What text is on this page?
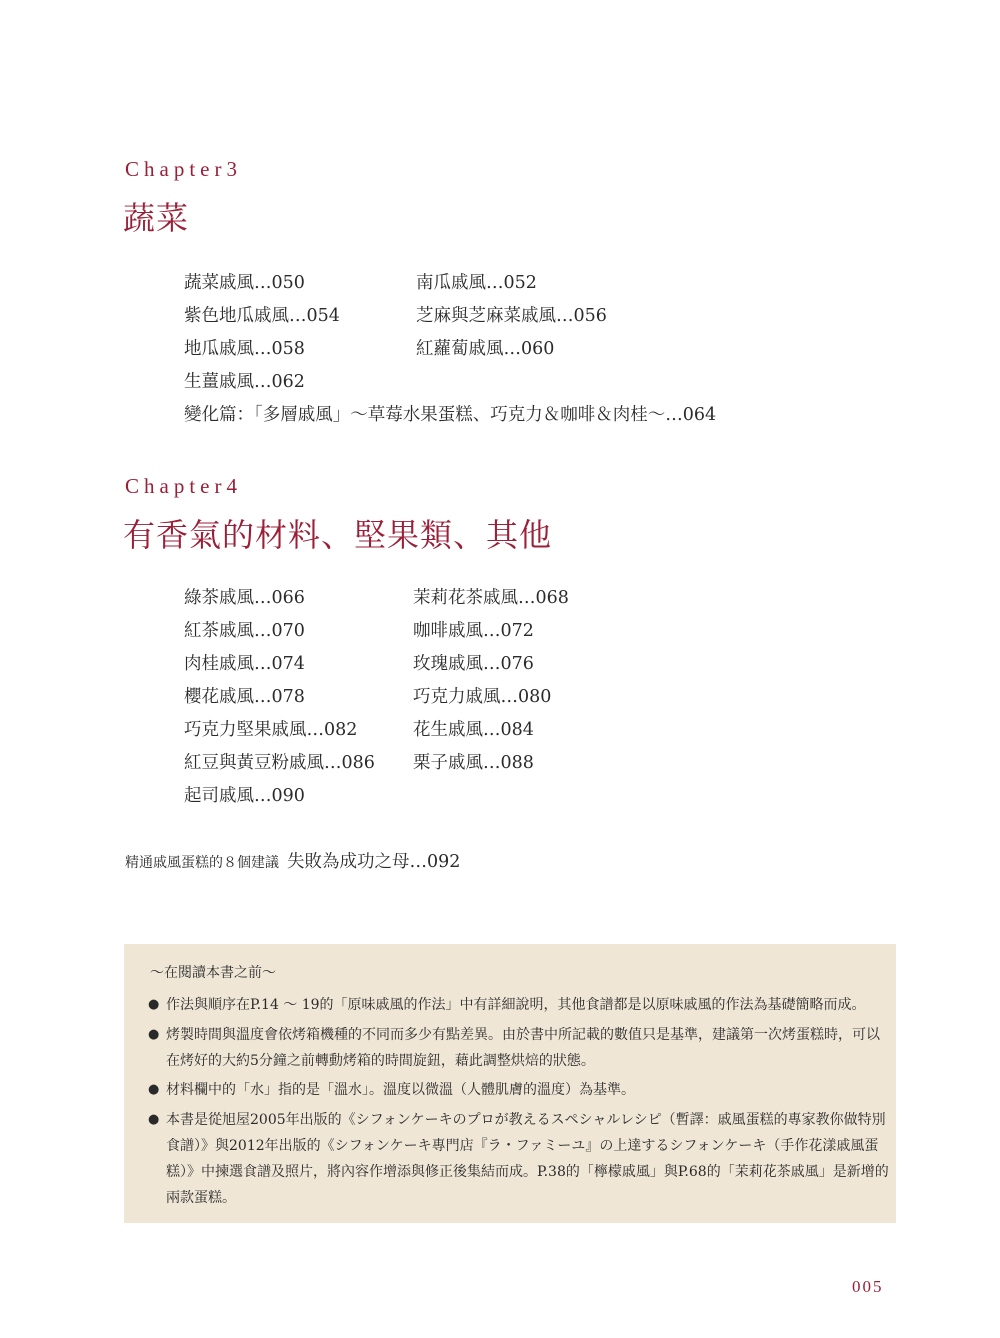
Chapter3
蔬菜
蔬菜戚風…050
紫色地瓜戚風…054
地瓜戚風…058
生薑戚風…062
南瓜戚風…052
芝麻與芝麻菜戚風…056
紅蘿蔔戚風…060
變化篇：「多層戚風」～草莓水果蛋糕、巧克力＆咖啡＆肉桂～…064
Chapter4
有香氣的材料、堅果類、其他
綠茶戚風…066
紅茶戚風…070
肉桂戚風…074
櫻花戚風…078
巧克力堅果戚風…082
紅豆與黃豆粉戚風…086
起司戚風…090
茉莉花茶戚風…068
咖啡戚風…072
玫瑰戚風…076
巧克力戚風…080
花生戚風…084
栗子戚風…088
精通戚風蛋糕的８個建議 失敗為成功之母…092
～在閱讀本書之前～
● 作法與順序在P.14 ～ 19的「原味戚風的作法」中有詳細說明，其他食譜都是以原味戚風的作法為基礎簡略而成。
● 烤製時間與溫度會依烤箱機種的不同而多少有點差異。由於書中所記載的數值只是基準，建議第一次烤蛋糕時，可以在烤好的大約5分鐘之前轉動烤箱的時間旋鈕，藉此調整烘焙的狀態。
● 材料欄中的「水」指的是「溫水」。溫度以微溫（人體肌膚的溫度）為基準。
● 本書是從旭屋2005年出版的《シフォンケーキのプロが教えるスペシャルレシピ（暫譯：戚風蛋糕的專家教你做特別食譜）》與2012年出版的《シフォンケーキ專門店『ラ・ファミーユ』の上達するシフォンケーキ（手作花漾戚風蛋糕）》中揀選食譜及照片，將內容作增添與修正後集結而成。P.38的「檸檬戚風」與P.68的「茉莉花茶戚風」是新增的兩款蛋糕。
005
